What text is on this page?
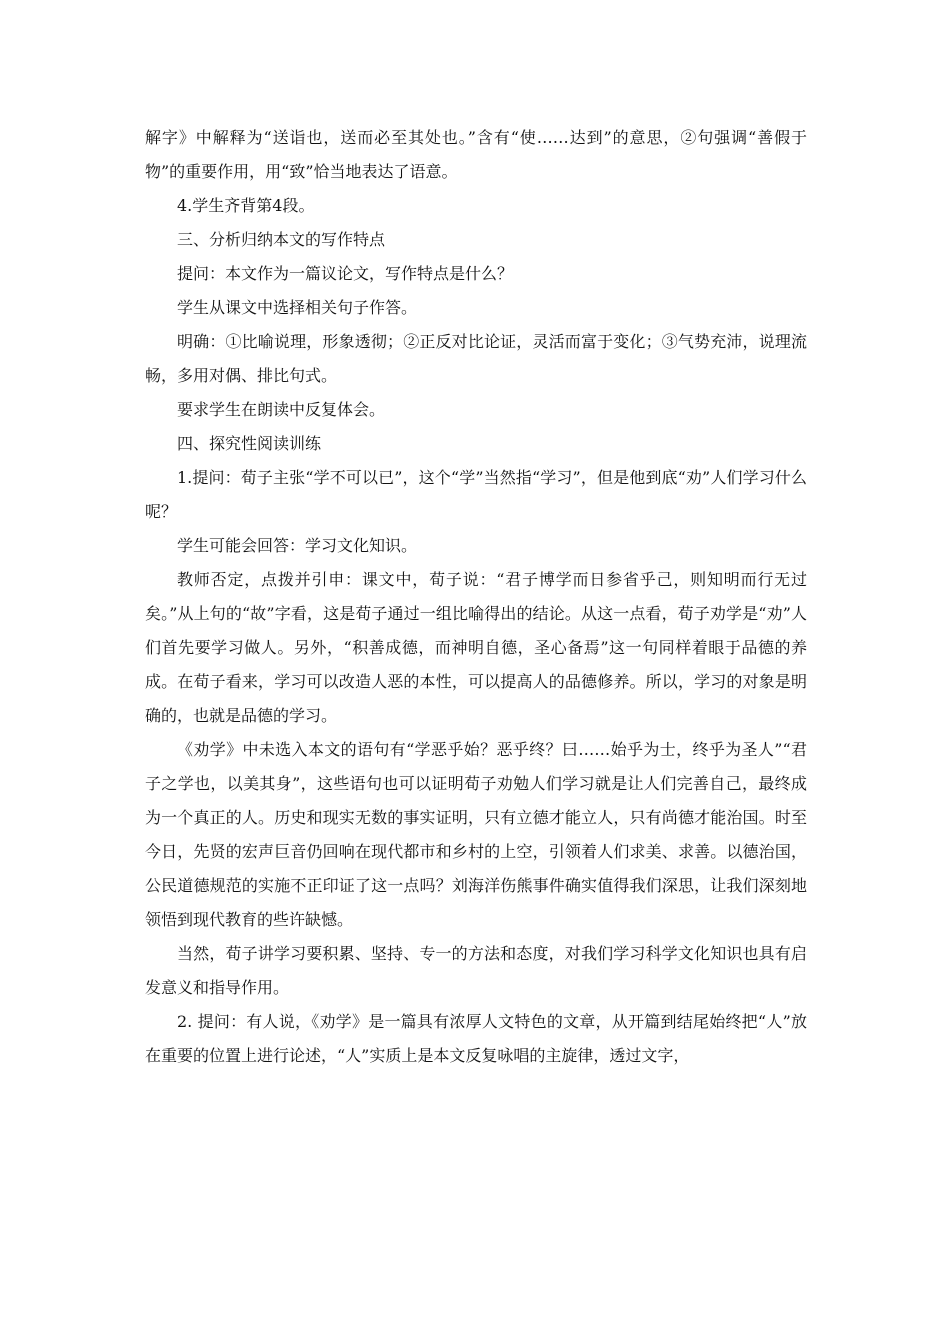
解字》中解释为“送诣也，送而必至其处也。”含有“使……达到”的意思，②句强调“善假于物”的重要作用，用“致”恰当地表达了语意。

4.学生齐背第4段。

三、分析归纳本文的写作特点

提问：本文作为一篇议论文，写作特点是什么？

学生从课文中选择相关句子作答。

明确：①比喻说理，形象透彻；②正反对比论证，灵活而富于变化；③气势充沛，说理流畅，多用对偶、排比句式。

要求学生在朗读中反复体会。

四、探究性阅读训练

1.提问：荀子主张“学不可以已”，这个“学”当然指“学习”，但是他到底“劝”人们学习什么呢？

学生可能会回答：学习文化知识。

教师否定，点拨并引申：课文中，荀子说：“君子博学而日参省乎己，则知明而行无过矣。”从上句的“故”字看，这是荀子通过一组比喻得出的结论。从这一点看，荀子劝学是“劝”人们首先要学习做人。另外，“积善成德，而神明自德，圣心备焉”这一句同样着眼于品德的养成。在荀子看来，学习可以改造人恶的本性，可以提高人的品德修养。所以，学习的对象是明确的，也就是品德的学习。

《劝学》中未选入本文的语句有“学恶乎始？恶乎终？曰……始乎为士，终乎为圣人”“君子之学也，以美其身”，这些语句也可以证明荀子劝勉人们学习就是让人们完善自己，最终成为一个真正的人。历史和现实无数的事实证明，只有立德才能立人，只有尚德才能治国。时至今日，先贤的宏声巨音仍回响在现代都市和乡村的上空，引领着人们求美、求善。以德治国，公民道德规范的实施不正印证了这一点吗？刘海洋伤熊事件确实值得我们深思，让我们深刻地领悟到现代教育的些许缺憾。

当然，荀子讲学习要积累、坚持、专一的方法和态度，对我们学习科学文化知识也具有启发意义和指导作用。

2. 提问：有人说，《劝学》是一篇具有浓厚人文特色的文章，从开篇到结尾始终把“人”放在重要的位置上进行论述，“人”实质上是本文反复咏唱的主旋律，透过文字，
